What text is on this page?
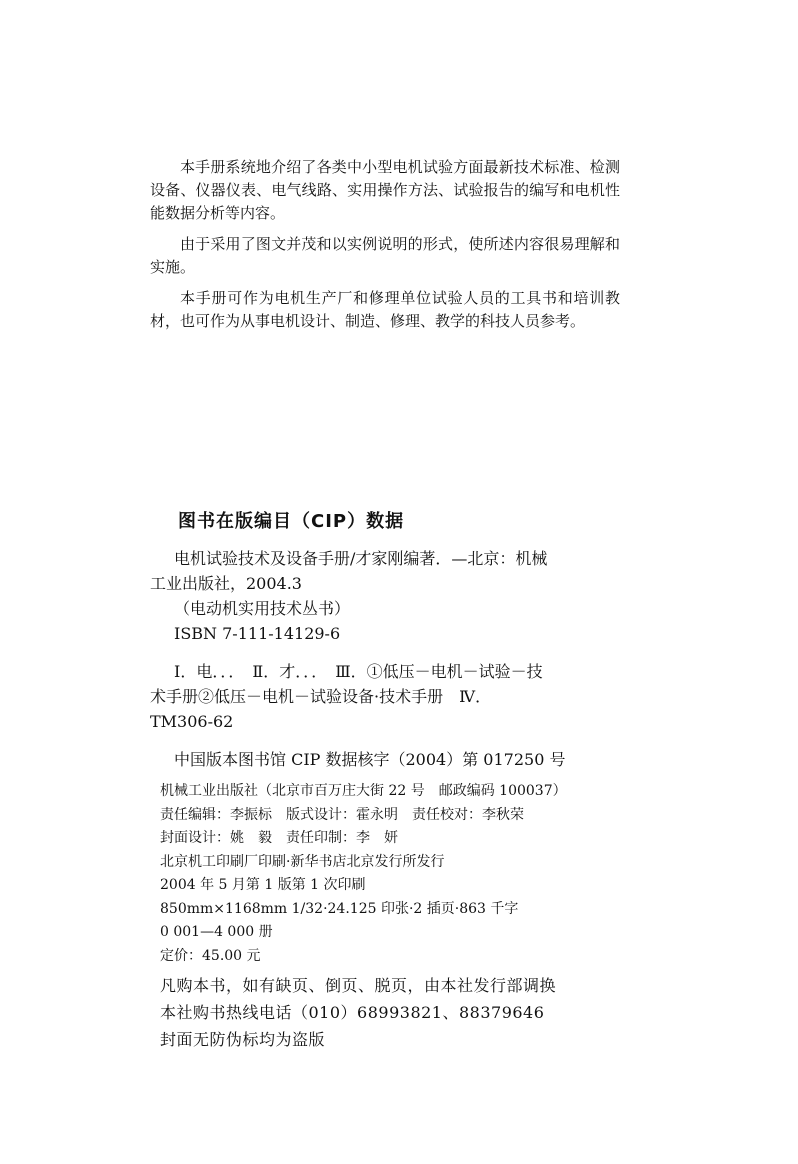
本手册系统地介绍了各类中小型电机试验方面最新技术标准、检测设备、仪器仪表、电气线路、实用操作方法、试验报告的编写和电机性能数据分析等内容。

由于采用了图文并茂和以实例说明的形式，使所述内容很易理解和实施。

本手册可作为电机生产厂和修理单位试验人员的工具书和培训教材，也可作为从事电机设计、制造、修理、教学的科技人员参考。

图书在版编目（CIP）数据
电机试验技术及设备手册/才家刚编著．—北京：机械
工业出版社，2004.3
（电动机实用技术丛书）
ISBN 7-111-14129-6
Ⅰ．电．．．　Ⅱ．才．．．　Ⅲ．①低压－电机－试验－技
术手册②低压－电机－试验设备·技术手册　Ⅳ．
TM306-62
中国版本图书馆 CIP 数据核字（2004）第 017250 号
机械工业出版社（北京市百万庄大街 22 号　邮政编码 100037）
责任编辑：李振标　版式设计：霍永明　责任校对：李秋荣
封面设计：姚　毅　责任印制：李　妍
北京机工印刷厂印刷·新华书店北京发行所发行
2004 年 5 月第 1 版第 1 次印刷
850mm×1168mm 1/32·24.125 印张·2 插页·863 千字
0 001—4 000 册
定价：45.00 元
凡购本书，如有缺页、倒页、脱页，由本社发行部调换
本社购书热线电话（010）68993821、88379646
封面无防伪标均为盗版
